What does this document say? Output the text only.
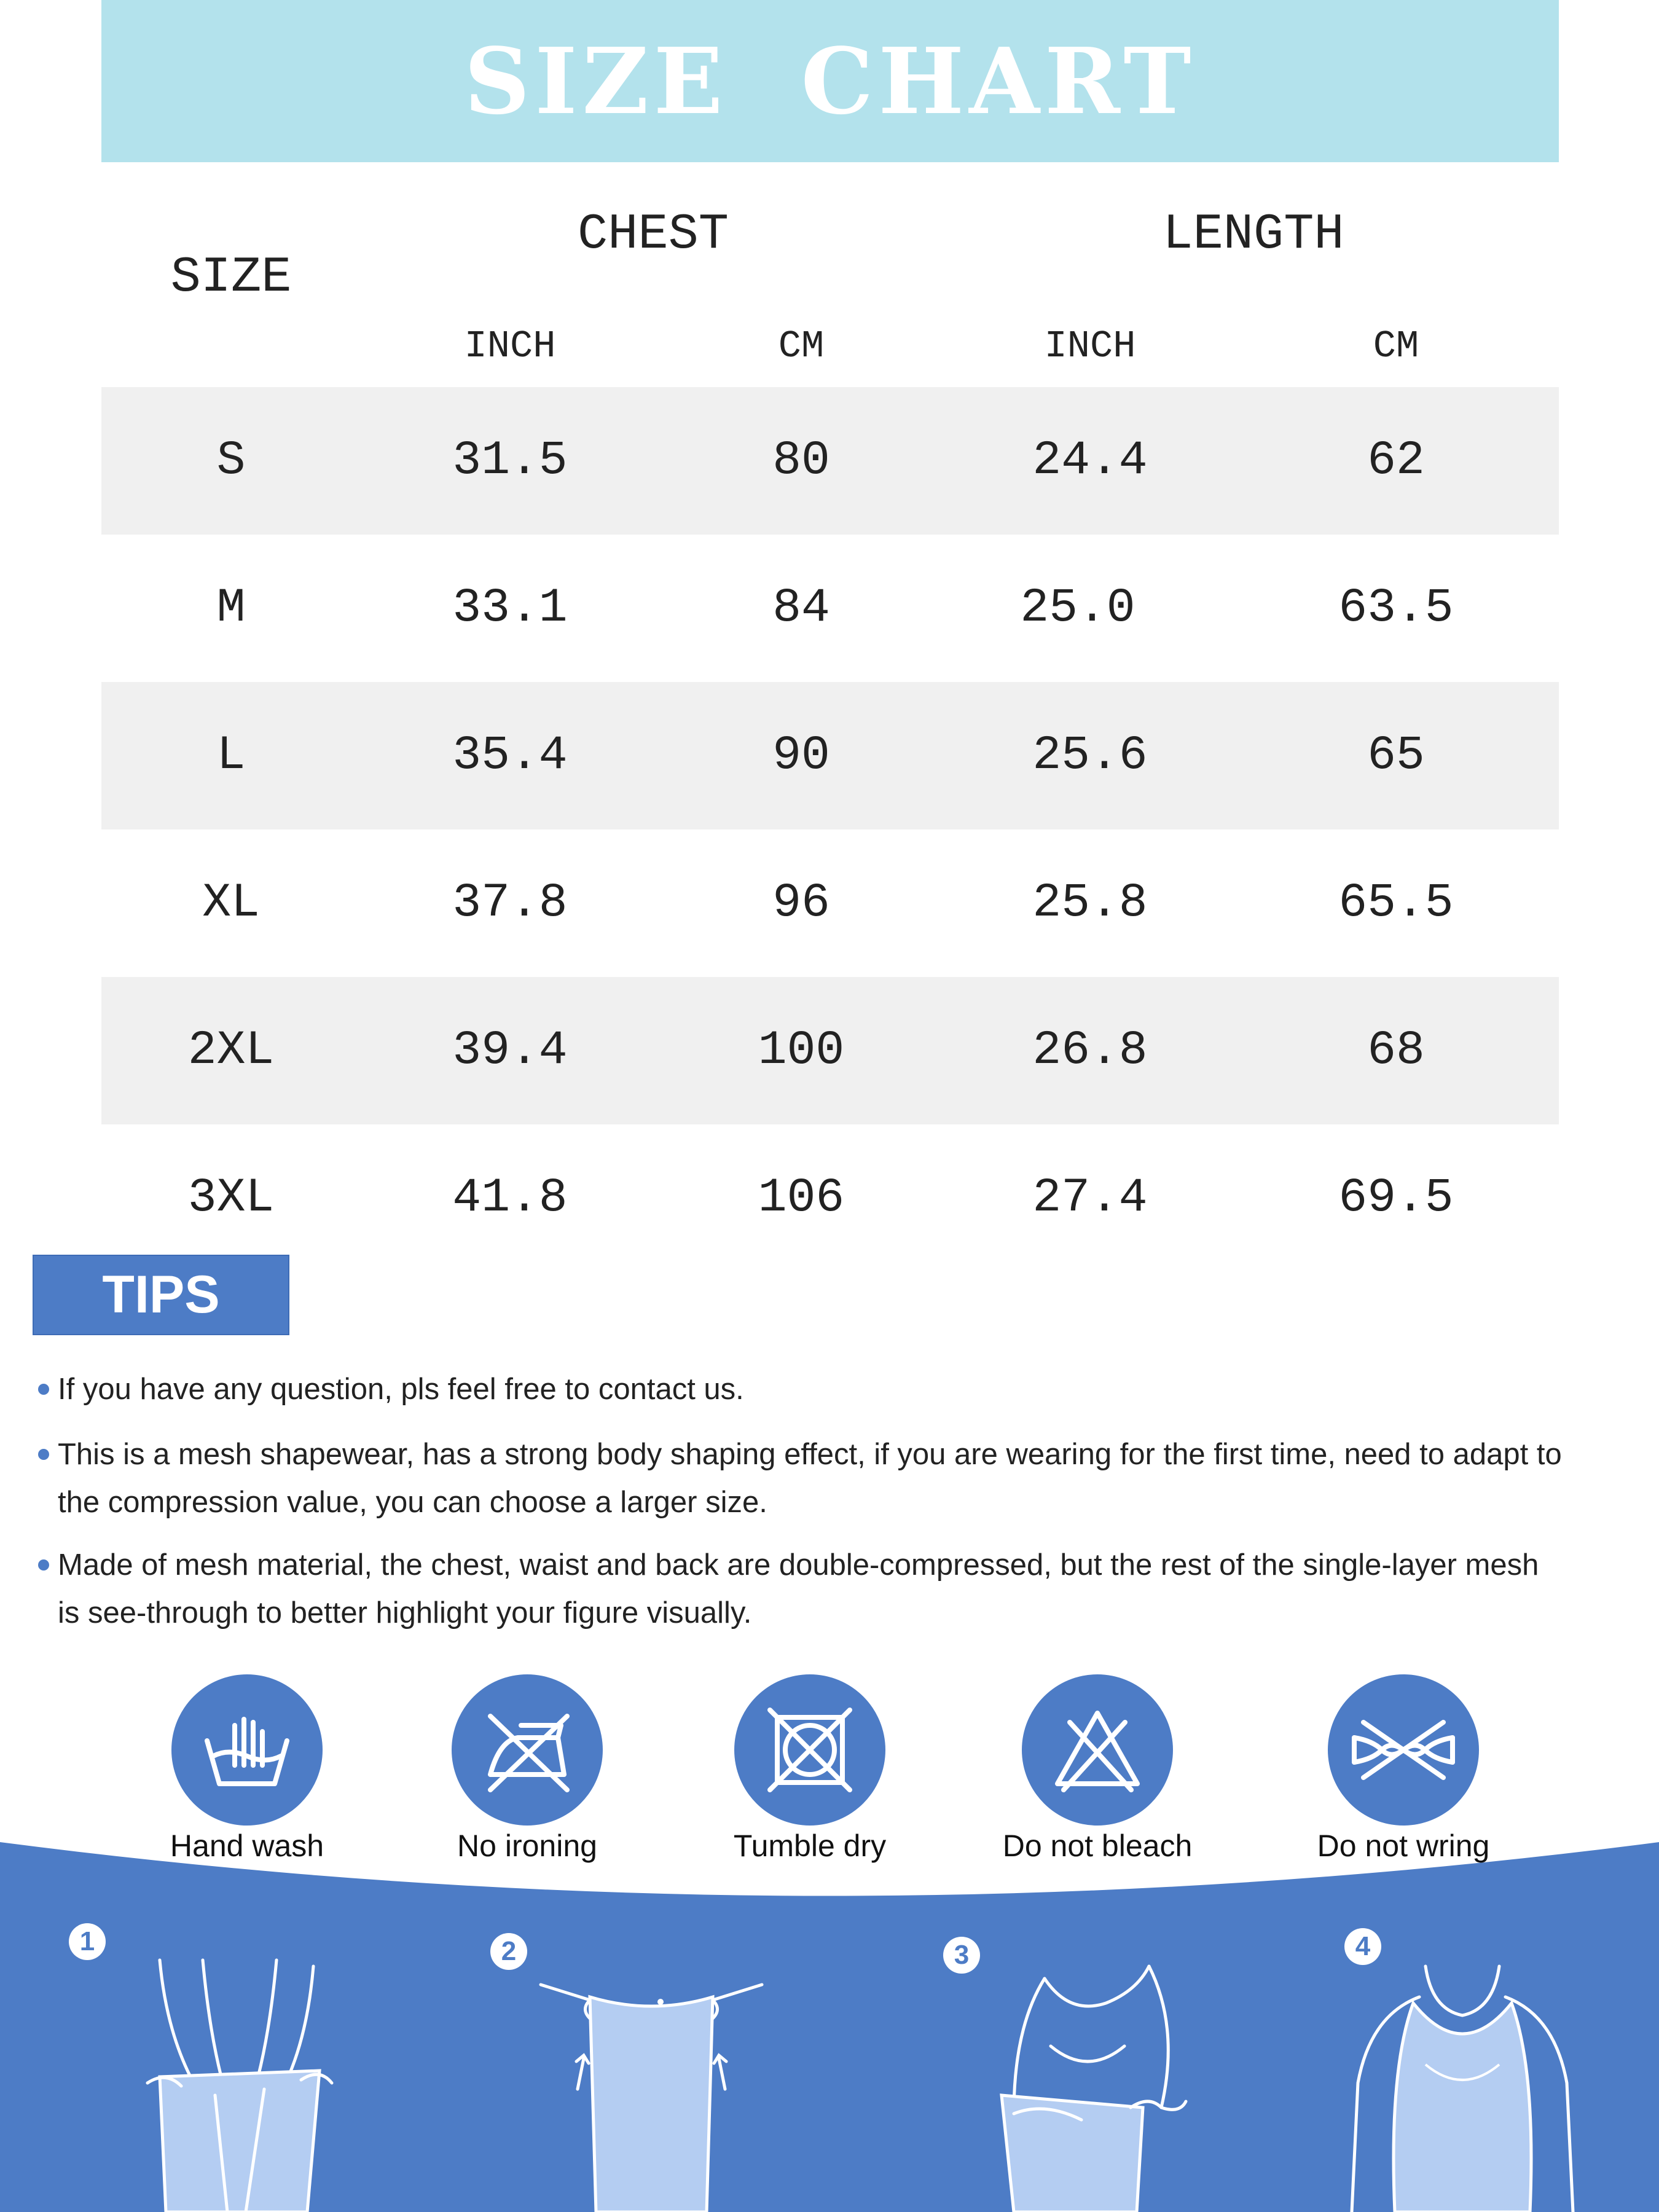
SIZE  CHART
SIZE
CHEST	LENGTH
INCH	CM	INCH	CM
S	31.5	80	24.4	62
M	33.1	84	25.0	63.5
L	35.4	90	25.6	65
XL	37.8	96	25.8	65.5
2XL	39.4	100	26.8	68
3XL	41.8	106	27.4	69.5
TIPS
If you have any question, pls feel free to contact us.
This is a mesh shapewear, has a strong body shaping effect, if you are wearing for the first time, need to adapt to the compression value, you can choose a larger size.
Made of mesh material, the chest, waist and back are double-compressed, but the rest of the single-layer mesh is see-through to better highlight your figure visually.
Hand wash	No ironing	Tumble dry	Do not bleach	Do not wring
1	2	3	4
